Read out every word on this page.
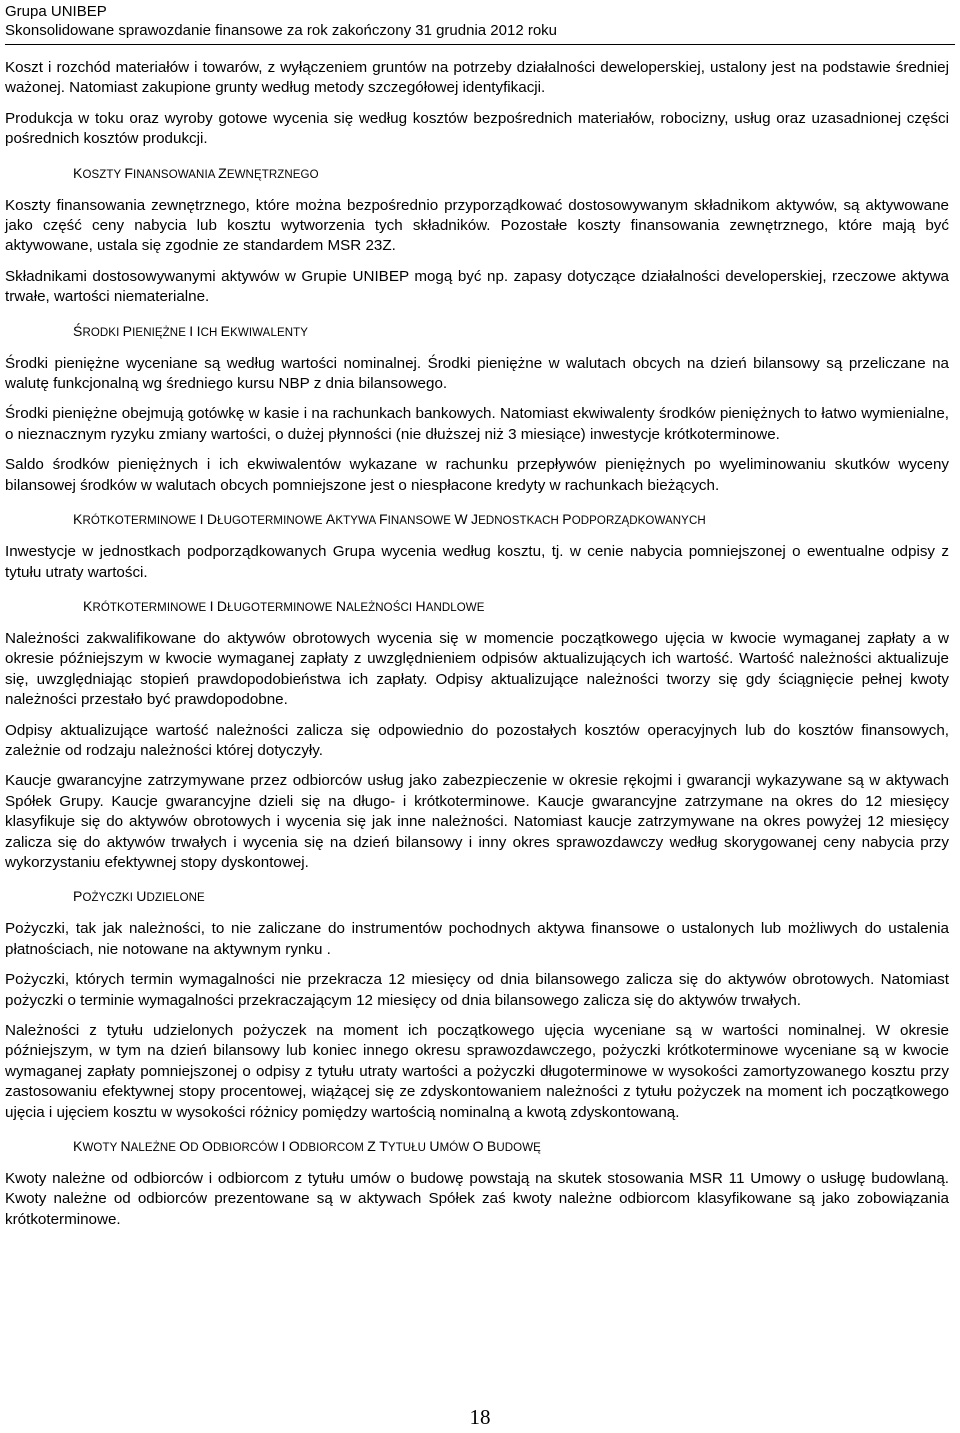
Grupa UNIBEP
Skonsolidowane sprawozdanie finansowe za rok zakończony 31 grudnia 2012 roku

Koszt i rozchód materiałów i towarów, z wyłączeniem gruntów na potrzeby działalności deweloperskiej, ustalony jest na podstawie średniej ważonej. Natomiast zakupione grunty według metody szczegółowej identyfikacji.

Produkcja w toku oraz wyroby gotowe wycenia się według kosztów bezpośrednich materiałów, robocizny, usług oraz uzasadnionej części pośrednich kosztów produkcji.

KOSZTY FINANSOWANIA ZEWNĘTRZNEGO

Koszty finansowania zewnętrznego, które można bezpośrednio przyporządkować dostosowywanym składnikom aktywów, są aktywowane jako część ceny nabycia lub kosztu wytworzenia tych składników. Pozostałe koszty finansowania zewnętrznego, które mają być aktywowane, ustala się zgodnie ze standardem MSR 23Z.

Składnikami dostosowywanymi aktywów w Grupie UNIBEP mogą być np. zapasy dotyczące działalności developerskiej, rzeczowe aktywa trwałe, wartości niematerialne.

ŚRODKI PIENIĘŻNE I ICH EKWIWALENTY

Środki pieniężne wyceniane są według wartości nominalnej. Środki pieniężne w walutach obcych na dzień bilansowy są przeliczane na walutę funkcjonalną wg średniego kursu NBP z dnia bilansowego.

Środki pieniężne obejmują gotówkę w kasie i na rachunkach bankowych. Natomiast ekwiwalenty środków pieniężnych to łatwo wymienialne, o nieznacznym ryzyku zmiany wartości, o dużej płynności (nie dłuższej niż 3 miesiące) inwestycje krótkoterminowe.

Saldo środków pieniężnych i ich ekwiwalentów wykazane w rachunku przepływów pieniężnych po wyeliminowaniu skutków wyceny bilansowej środków w walutach obcych pomniejszone jest o niespłacone kredyty w rachunkach bieżących.

KRÓTKOTERMINOWE I DŁUGOTERMINOWE AKTYWA FINANSOWE W JEDNOSTKACH PODPORZĄDKOWANYCH

Inwestycje w jednostkach podporządkowanych Grupa wycenia według kosztu, tj. w cenie nabycia pomniejszonej o ewentualne odpisy z tytułu utraty wartości.

KRÓTKOTERMINOWE I DŁUGOTERMINOWE NALEŻNOŚCI HANDLOWE

Należności zakwalifikowane do aktywów obrotowych wycenia się w momencie początkowego ujęcia w kwocie wymaganej zapłaty a w okresie późniejszym w kwocie wymaganej zapłaty z uwzględnieniem odpisów aktualizujących ich wartość. Wartość należności aktualizuje się, uwzględniając stopień prawdopodobieństwa ich zapłaty. Odpisy aktualizujące należności tworzy się gdy ściągnięcie pełnej kwoty należności przestało być prawdopodobne.

Odpisy aktualizujące wartość należności zalicza się odpowiednio do pozostałych kosztów operacyjnych lub do kosztów finansowych, zależnie od rodzaju należności której dotyczyły.

Kaucje gwarancyjne zatrzymywane przez odbiorców usług jako zabezpieczenie w okresie rękojmi i gwarancji wykazywane są w aktywach Spółek Grupy. Kaucje gwarancyjne dzieli się na długo- i krótkoterminowe. Kaucje gwarancyjne zatrzymane na okres do 12 miesięcy klasyfikuje się do aktywów obrotowych i wycenia się jak inne należności. Natomiast kaucje zatrzymywane na okres powyżej 12 miesięcy zalicza się do aktywów trwałych i wycenia się na dzień bilansowy i inny okres sprawozdawczy według skorygowanej ceny nabycia przy wykorzystaniu efektywnej stopy dyskontowej.

POŻYCZKI UDZIELONE

Pożyczki, tak jak należności, to nie zaliczane do instrumentów pochodnych aktywa finansowe o ustalonych lub możliwych do ustalenia płatnościach, nie notowane na aktywnym rynku .

Pożyczki, których termin wymagalności nie przekracza 12 miesięcy od dnia bilansowego zalicza się do aktywów obrotowych. Natomiast pożyczki o terminie wymagalności przekraczającym 12 miesięcy od dnia bilansowego zalicza się do aktywów trwałych.

Należności z tytułu udzielonych pożyczek na moment ich początkowego ujęcia wyceniane są w wartości nominalnej. W okresie późniejszym, w tym na dzień bilansowy lub koniec innego okresu sprawozdawczego, pożyczki krótkoterminowe wyceniane są w kwocie wymaganej zapłaty pomniejszonej o odpisy z tytułu utraty wartości a pożyczki długoterminowe w wysokości zamortyzowanego kosztu przy zastosowaniu efektywnej stopy procentowej, wiążącej się ze zdyskontowaniem należności z tytułu pożyczek na moment ich początkowego ujęcia i ujęciem kosztu w wysokości różnicy pomiędzy wartością nominalną a kwotą zdyskontowaną.

KWOTY NALEŻNE OD ODBIORCÓW I ODBIORCOM Z TYTUŁU UMÓW O BUDOWĘ

Kwoty należne od odbiorców i odbiorcom z tytułu umów o budowę powstają na skutek stosowania MSR 11 Umowy o usługę budowlaną. Kwoty należne od odbiorców prezentowane są w aktywach Spółek zaś kwoty należne odbiorcom klasyfikowane są jako zobowiązania krótkoterminowe.

18
